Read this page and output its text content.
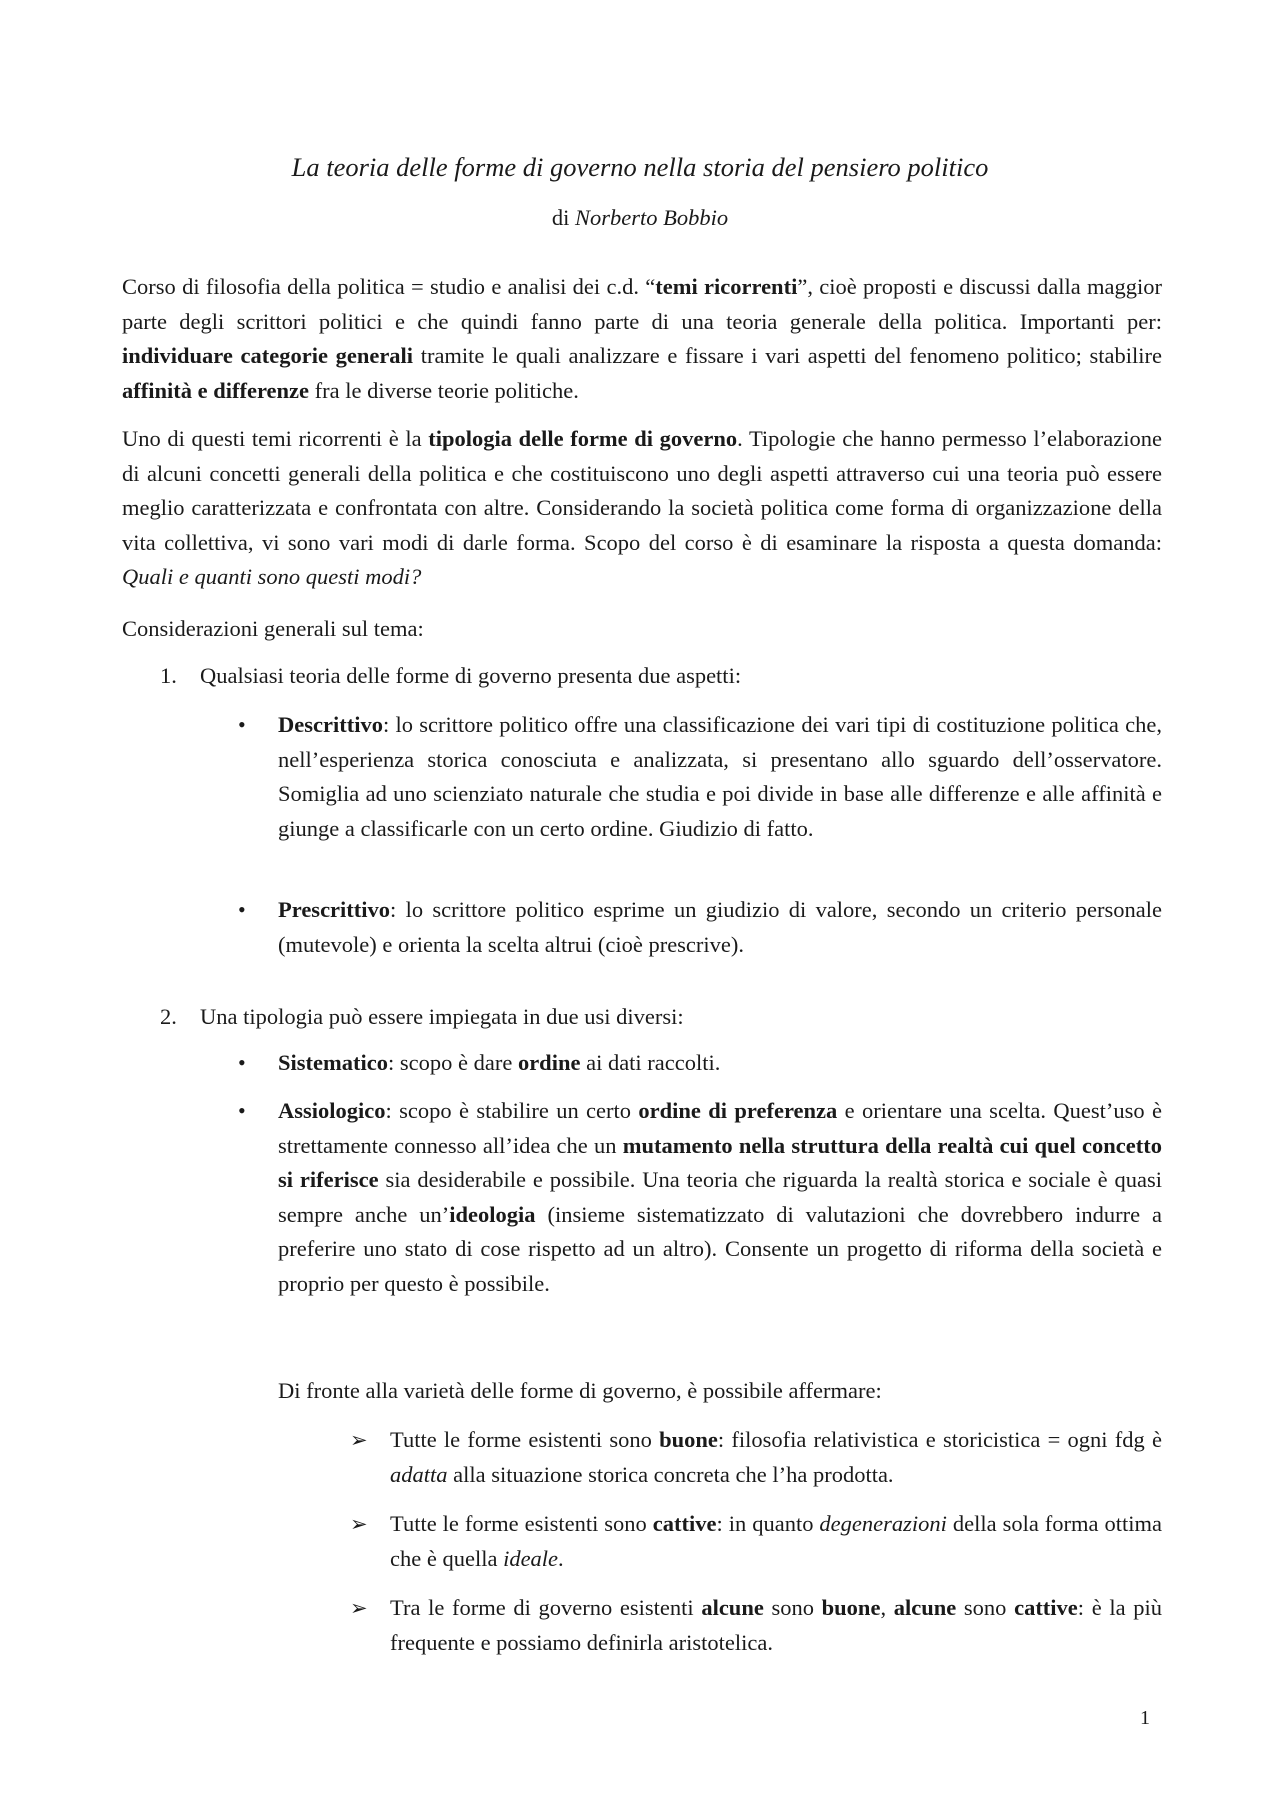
La teoria delle forme di governo nella storia del pensiero politico
di Norberto Bobbio
Corso di filosofia della politica = studio e analisi dei c.d. “temi ricorrenti”, cioè proposti e discussi dalla maggior parte degli scrittori politici e che quindi fanno parte di una teoria generale della politica. Importanti per: individuare categorie generali tramite le quali analizzare e fissare i vari aspetti del fenomeno politico; stabilire affinità e differenze fra le diverse teorie politiche.
Uno di questi temi ricorrenti è la tipologia delle forme di governo. Tipologie che hanno permesso l’elaborazione di alcuni concetti generali della politica e che costituiscono uno degli aspetti attraverso cui una teoria può essere meglio caratterizzata e confrontata con altre. Considerando la società politica come forma di organizzazione della vita collettiva, vi sono vari modi di darle forma. Scopo del corso è di esaminare la risposta a questa domanda: Quali e quanti sono questi modi?
Considerazioni generali sul tema:
1. Qualsiasi teoria delle forme di governo presenta due aspetti:
• Descrittivo: lo scrittore politico offre una classificazione dei vari tipi di costituzione politica che, nell’esperienza storica conosciuta e analizzata, si presentano allo sguardo dell’osservatore. Somiglia ad uno scienziato naturale che studia e poi divide in base alle differenze e alle affinità e giunge a classificarle con un certo ordine. Giudizio di fatto.
• Prescrittivo: lo scrittore politico esprime un giudizio di valore, secondo un criterio personale (mutevole) e orienta la scelta altrui (cioè prescrive).
2. Una tipologia può essere impiegata in due usi diversi:
• Sistematico: scopo è dare ordine ai dati raccolti.
• Assiologico: scopo è stabilire un certo ordine di preferenza e orientare una scelta. Quest’uso è strettamente connesso all’idea che un mutamento nella struttura della realtà cui quel concetto si riferisce sia desiderabile e possibile. Una teoria che riguarda la realtà storica e sociale è quasi sempre anche un’ideologia (insieme sistematizzato di valutazioni che dovrebbero indurre a preferire uno stato di cose rispetto ad un altro). Consente un progetto di riforma della società e proprio per questo è possibile.
Di fronte alla varietà delle forme di governo, è possibile affermare:
➢ Tutte le forme esistenti sono buone: filosofia relativistica e storicistica = ogni fdg è adatta alla situazione storica concreta che l’ha prodotta.
➢ Tutte le forme esistenti sono cattive: in quanto degenerazioni della sola forma ottima che è quella ideale.
➢ Tra le forme di governo esistenti alcune sono buone, alcune sono cattive: è la più frequente e possiamo definirla aristotelica.
1
